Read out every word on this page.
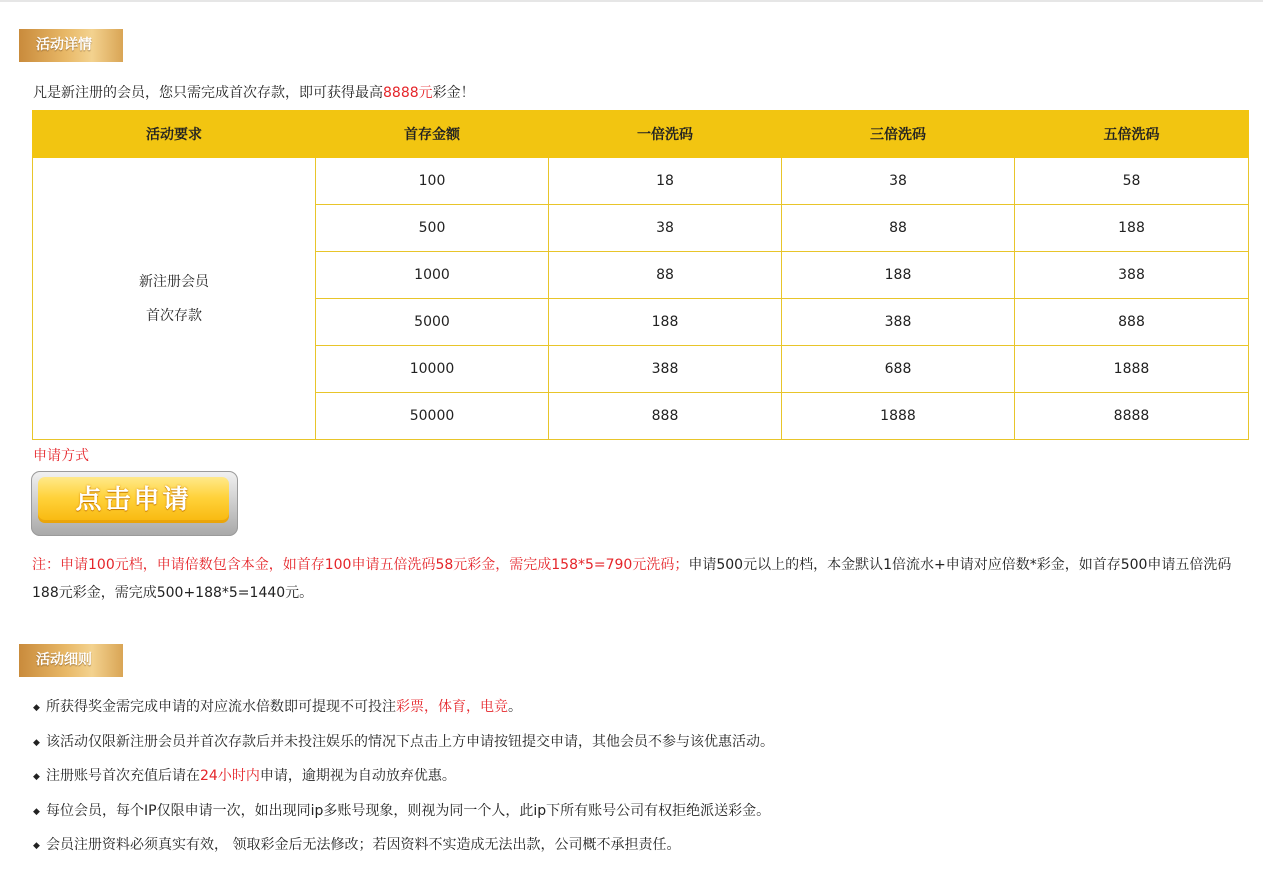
活动详情
凡是新注册的会员，您只需完成首次存款，即可获得最高8888元彩金！
活动要求	首存金额	一倍洗码	三倍洗码	五倍洗码

新注册会员
首次存款	100	18	38	58
	500	38	88	188
	1000	88	188	388
	5000	188	388	888
	10000	388	688	1888
	50000	888	1888	8888
申请方式
点击申请
注：申请100元档，申请倍数包含本金，如首存100申请五倍洗码58元彩金，需完成158*5=790元洗码；申请500元以上的档，本金默认1倍流水+申请对应倍数*彩金，如首存500申请五倍洗码188元彩金，需完成500+188*5=1440元。
活动细则
◆ 所获得奖金需完成申请的对应流水倍数即可提现不可投注彩票，体育，电竞。
◆ 该活动仅限新注册会员并首次存款后并未投注娱乐的情况下点击上方申请按钮提交申请，其他会员不参与该优惠活动。
◆ 注册账号首次充值后请在24小时内申请，逾期视为自动放弃优惠。
◆ 每位会员，每个IP仅限申请一次，如出现同ip多账号现象，则视为同一个人，此ip下所有账号公司有权拒绝派送彩金。
◆ 会员注册资料必须真实有效， 领取彩金后无法修改；若因资料不实造成无法出款，公司概不承担责任。
